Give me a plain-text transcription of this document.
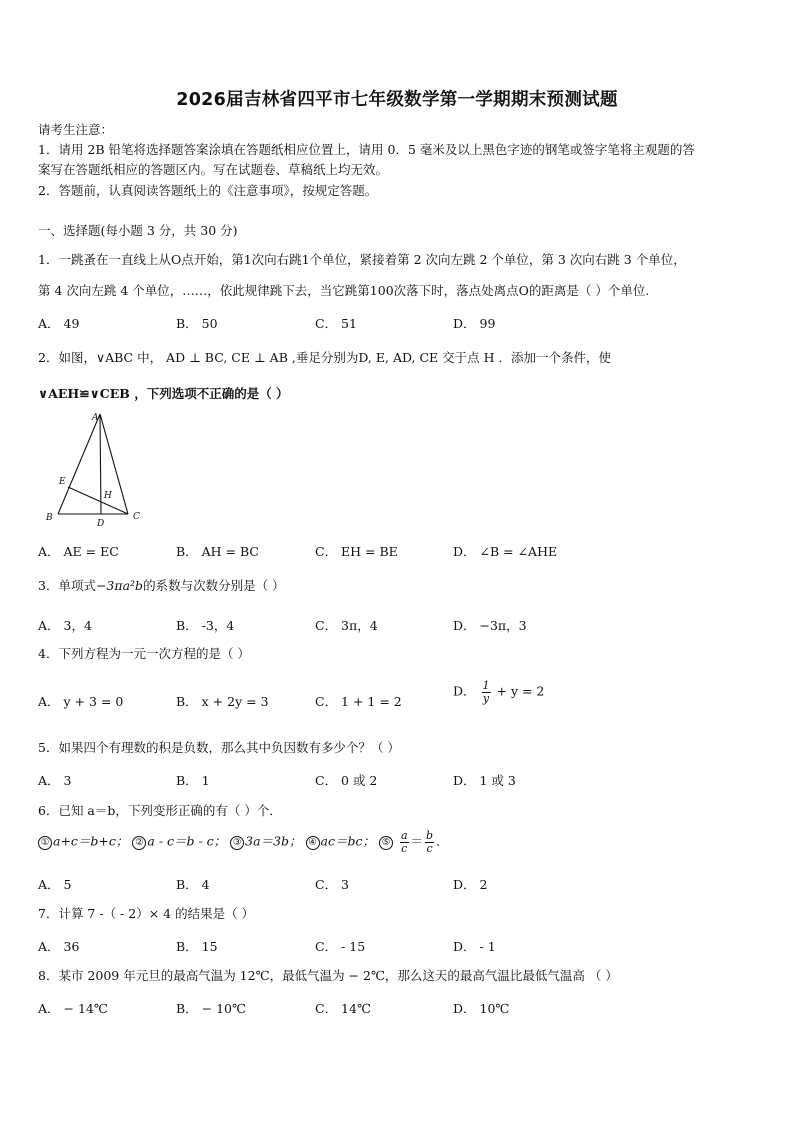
2026届吉林省四平市七年级数学第一学期期末预测试题
请考生注意：
1．请用 2B 铅笔将选择题答案涂填在答题纸相应位置上，请用 0．5 毫米及以上黑色字迹的钢笔或签字笔将主观题的答
案写在答题纸相应的答题区内。写在试题卷、草稿纸上均无效。
2．答题前，认真阅读答题纸上的《注意事项》，按规定答题。
一、选择题(每小题 3 分，共 30 分)
1．一跳蚤在一直线上从O点开始，第1次向右跳1个单位，紧接着第 2 次向左跳 2 个单位，第 3 次向右跳 3 个单位，
第 4 次向左跳 4 个单位，……，依此规律跳下去，当它跳第100次落下时，落点处离点O的距离是（ ）个单位.
A． 49	B． 50	C． 51	D． 99
2．如图，∨ABC 中， AD ⊥ BC, CE ⊥ AB ,垂足分别为D, E, AD, CE 交于点 H ．添加一个条件，使
∨AEH≌∨CEB ，下列选项不正确的是（ ）
A
B	C
D
E
H
A． AE = EC	B． AH = BC	C． EH = BE	D． ∠B = ∠AHE
3．单项式−3πa²b的系数与次数分别是（ ）
A． 3，4	B． -3，4	C． 3π，4	D． −3π，3
4．下列方程为一元一次方程的是（ ）
A． y + 3 = 0	B． x + 2y = 3	C． 1 + 1 = 2
D． $\frac{1}{y} + y = 2$
5．如果四个有理数的积是负数，那么其中负因数有多少个？（ ）
A． 3	B． 1	C． 0 或 2	D． 1 或 3
6．已知 a＝b，下列变形正确的有（ ）个．
① a+c＝b+c； ② a - c＝b - c； ③ 3a＝3b； ④ ac＝bc； ⑤ $\frac{a}{c} = \frac{b}{c}$ ．
A． 5	B． 4	C． 3	D． 2
7．计算 7 -（ - 2）× 4 的结果是（ ）
A． 36	B． 15	C． - 15	D． - 1
8．某市 2009 年元旦的最高气温为 12℃，最低气温为 − 2℃，那么这天的最高气温比最低气温高 （ ）
A． − 14℃	B． − 10℃	C． 14℃	D． 10℃
